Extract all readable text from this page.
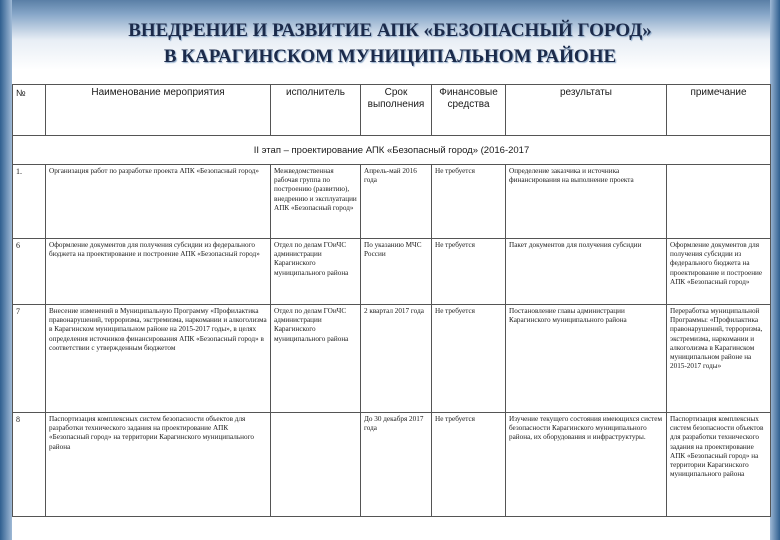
ВНЕДРЕНИЕ И РАЗВИТИЕ АПК «БЕЗОПАСНЫЙ ГОРОД»
В КАРАГИНСКОМ МУНИЦИПАЛЬНОМ РАЙОНЕ
№	Наименование мероприятия	исполнитель	Срок выполнения	Финансовые средства	результаты	примечание
II этап – проектирование АПК «Безопасный город» (2016-2017						
1.	Организация работ по разработке проекта АПК «Безопасный город»	Межведомственная рабочая группа по построению (развитию), внедрению и эксплуатации АПК «Безопасный город»	Апрель-май 2016 года	Не требуется	Определение заказчика и источника финансирования на выполнение проекта	
6	Оформление документов для получения субсидии из федерального бюджета на проектирование и построение АПК «Безопасный город»	Отдел по делам ГОиЧС администрации Карагинского муниципального района	По указанию МЧС России	Не требуется	Пакет документов для получения субсидии	Оформление документов для получения субсидии из федерального бюджета на проектирование и построение АПК «Безопасный город»
7	Внесение изменений в Муниципальную Программу «Профилактика правонарушений, терроризма, экстремизма, наркомании и алкоголизма в Карагинском муниципальном районе на 2015-2017 годы», в целях определения источников финансирования АПК «Безопасный город» в соответствии с утвержденным бюджетом	Отдел по делам ГОиЧС администрации Карагинского муниципального района	2 квартал 2017 года	Не требуется	Постановление главы администрации Карагинского муниципального района	Переработка муниципальной Программы: «Профилактика правонарушений, терроризма, экстремизма, наркомании и алкоголизма в Карагинском муниципальном районе на 2015-2017 годы»
8	Паспортизация комплексных систем безопасности объектов для разработки технического задания на проектирование АПК «Безопасный город» на территории Карагинского муниципального района		До 30 декабря 2017 года	Не требуется	Изучение текущего состояния имеющихся систем безопасности Карагинского муниципального района, их оборудования и инфраструктуры.	Паспортизация комплексных систем безопасности объектов для разработки технического задания на проектирование АПК «Безопасный город» на территории Карагинского муниципального района
